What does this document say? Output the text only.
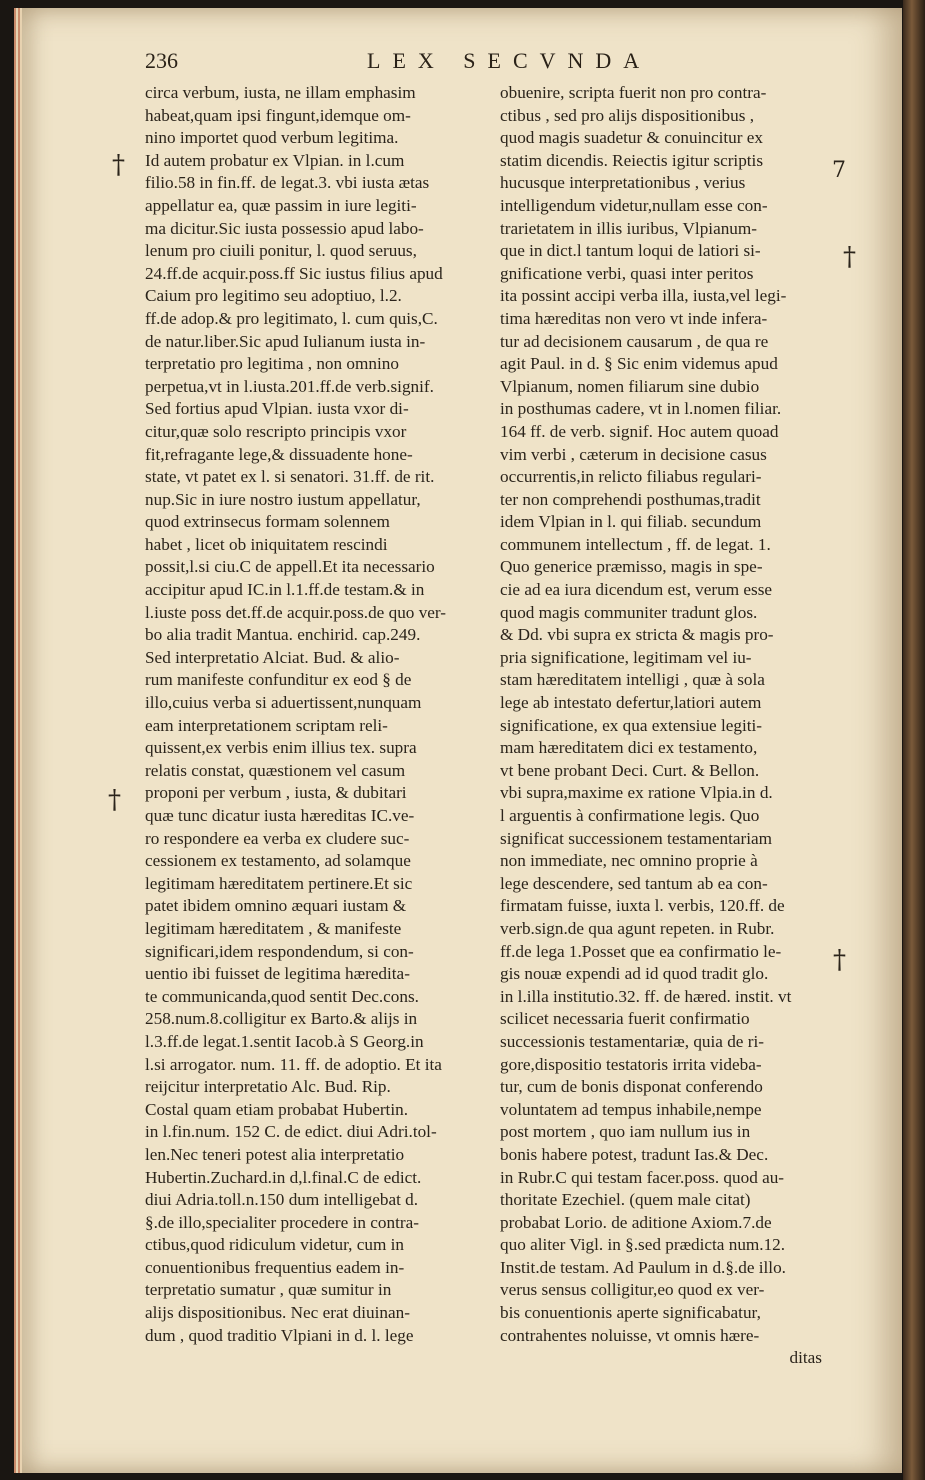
236	LEX SECVNDA
circa verbum, iusta, ne illam emphasim
habeat,quam ipsi fingunt,idemque om-
nino importet quod verbum legitima.
Id autem probatur ex Vlpian. in l.cum
filio.58 in fin.ff. de legat.3. vbi iusta ætas
appellatur ea, quæ passim in iure legiti-
ma dicitur.Sic iusta possessio apud labo-
lenum pro ciuili ponitur, l. quod seruus,
24.ff.de acquir.poss.ff Sic iustus filius apud
Caium pro legitimo seu adoptiuo, l.2.
ff.de adop.& pro legitimato, l. cum quis,C.
de natur.liber.Sic apud Iulianum iusta in-
terpretatio pro legitima , non omnino
perpetua,vt in l.iusta.201.ff.de verb.signif.
Sed fortius apud Vlpian. iusta vxor di-
citur,quæ solo rescripto principis vxor
fit,refragante lege,& dissuadente hone-
state, vt patet ex l. si senatori. 31.ff. de rit.
nup.Sic in iure nostro iustum appellatur,
quod extrinsecus formam solennem
habet , licet ob iniquitatem rescindi
possit,l.si ciu.C de appell.Et ita necessario
accipitur apud IC.in l.1.ff.de testam.& in
l.iuste poss det.ff.de acquir.poss.de quo ver-
bo alia tradit Mantua. enchirid. cap.249.
Sed interpretatio Alciat. Bud. & alio-
rum manifeste confunditur ex eod § de
illo,cuius verba si aduertissent,nunquam
eam interpretationem scriptam reli-
quissent,ex verbis enim illius tex. supra
relatis constat, quæstionem vel casum
proponi per verbum , iusta, & dubitari
quæ tunc dicatur iusta hæreditas IC.ve-
ro respondere ea verba ex cludere suc-
cessionem ex testamento, ad solamque
legitimam hæreditatem pertinere.Et sic
patet ibidem omnino æquari iustam &
legitimam hæreditatem , & manifeste
significari,idem respondendum, si con-
uentio ibi fuisset de legitima hæredita-
te communicanda,quod sentit Dec.cons.
258.num.8.colligitur ex Barto.& alijs in
l.3.ff.de legat.1.sentit Iacob.à S Georg.in
l.si arrogator. num. 11. ff. de adoptio. Et ita
reijcitur interpretatio Alc. Bud. Rip.
Costal quam etiam probabat Hubertin.
in l.fin.num. 152 C. de edict. diui Adri.tol-
len.Nec teneri potest alia interpretatio
Hubertin.Zuchard.in d,l.final.C de edict.
diui Adria.toll.n.150 dum intelligebat d.
§.de illo,specialiter procedere in contra-
ctibus,quod ridiculum videtur, cum in
conuentionibus frequentius eadem in-
terpretatio sumatur , quæ sumitur in
alijs dispositionibus. Nec erat diuinan-
dum , quod traditio Vlpiani in d. l. lege
obuenire, scripta fuerit non pro contra-
ctibus , sed pro alijs dispositionibus ,
quod magis suadetur & conuincitur ex
statim dicendis. Reiectis igitur scriptis
hucusque interpretationibus , verius
intelligendum videtur,nullam esse con-
trarietatem in illis iuribus, Vlpianum-
que in dict.l tantum loqui de latiori si-
gnificatione verbi, quasi inter peritos
ita possint accipi verba illa, iusta,vel legi-
tima hæreditas non vero vt inde infera-
tur ad decisionem causarum , de qua re
agit Paul. in d. § Sic enim videmus apud
Vlpianum, nomen filiarum sine dubio
in posthumas cadere, vt in l.nomen filiar.
164 ff. de verb. signif. Hoc autem quoad
vim verbi , cæterum in decisione casus
occurrentis,in relicto filiabus regulari-
ter non comprehendi posthumas,tradit
idem Vlpian in l. qui filiab. secundum
communem intellectum , ff. de legat. 1.
Quo generice præmisso, magis in spe-
cie ad ea iura dicendum est, verum esse
quod magis communiter tradunt glos.
& Dd. vbi supra ex stricta & magis pro-
pria significatione, legitimam vel iu-
stam hæreditatem intelligi , quæ à sola
lege ab intestato defertur,latiori autem
significatione, ex qua extensiue legiti-
mam hæreditatem dici ex testamento,
vt bene probant Deci. Curt. & Bellon.
vbi supra,maxime ex ratione Vlpia.in d.
l arguentis à confirmatione legis. Quo
significat successionem testamentariam
non immediate, nec omnino proprie à
lege descendere, sed tantum ab ea con-
firmatam fuisse, iuxta l. verbis, 120.ff. de
verb.sign.de qua agunt repeten. in Rubr.
ff.de lega 1.Posset que ea confirmatio le-
gis nouæ expendi ad id quod tradit glo.
in l.illa institutio.32. ff. de hæred. instit. vt
scilicet necessaria fuerit confirmatio
successionis testamentariæ, quia de ri-
gore,dispositio testatoris irrita videba-
tur, cum de bonis disponat conferendo
voluntatem ad tempus inhabile,nempe
post mortem , quo iam nullum ius in
bonis habere potest, tradunt Ias.& Dec.
in Rubr.C qui testam facer.poss. quod au-
thoritate Ezechiel. (quem male citat)
probabat Lorio. de aditione Axiom.7.de
quo aliter Vigl. in §.sed prædicta num.12.
Instit.de testam. Ad Paulum in d.§.de illo.
verus sensus colligitur,eo quod ex ver-
bis conuentionis aperte significabatur,
contrahentes noluisse, vt omnis hære-
ditas
†
†
7
†
†
